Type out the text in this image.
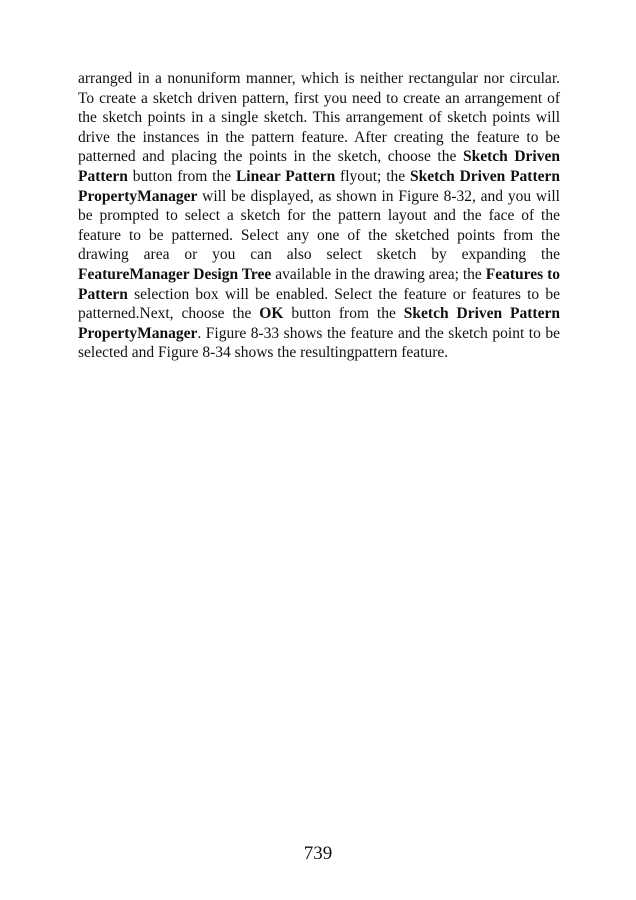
arranged in a nonuniform manner, which is neither rectangular nor circular. To create a sketch driven pattern, first you need to create an arrangement of the sketch points in a single sketch. This arrangement of sketch points will drive the instances in the pattern feature. After creating the feature to be patterned and placing the points in the sketch, choose the Sketch Driven Pattern button from the Linear Pattern flyout; the Sketch Driven Pattern PropertyManager will be displayed, as shown in Figure 8-32, and you will be prompted to select a sketch for the pattern layout and the face of the feature to be patterned. Select any one of the sketched points from the drawing area or you can also select sketch by expanding the FeatureManager Design Tree available in the drawing area; the Features to Pattern selection box will be enabled. Select the feature or features to be patterned.Next, choose the OK button from the Sketch Driven Pattern PropertyManager. Figure 8-33 shows the feature and the sketch point to be selected and Figure 8-34 shows the resultingpattern feature.

739
